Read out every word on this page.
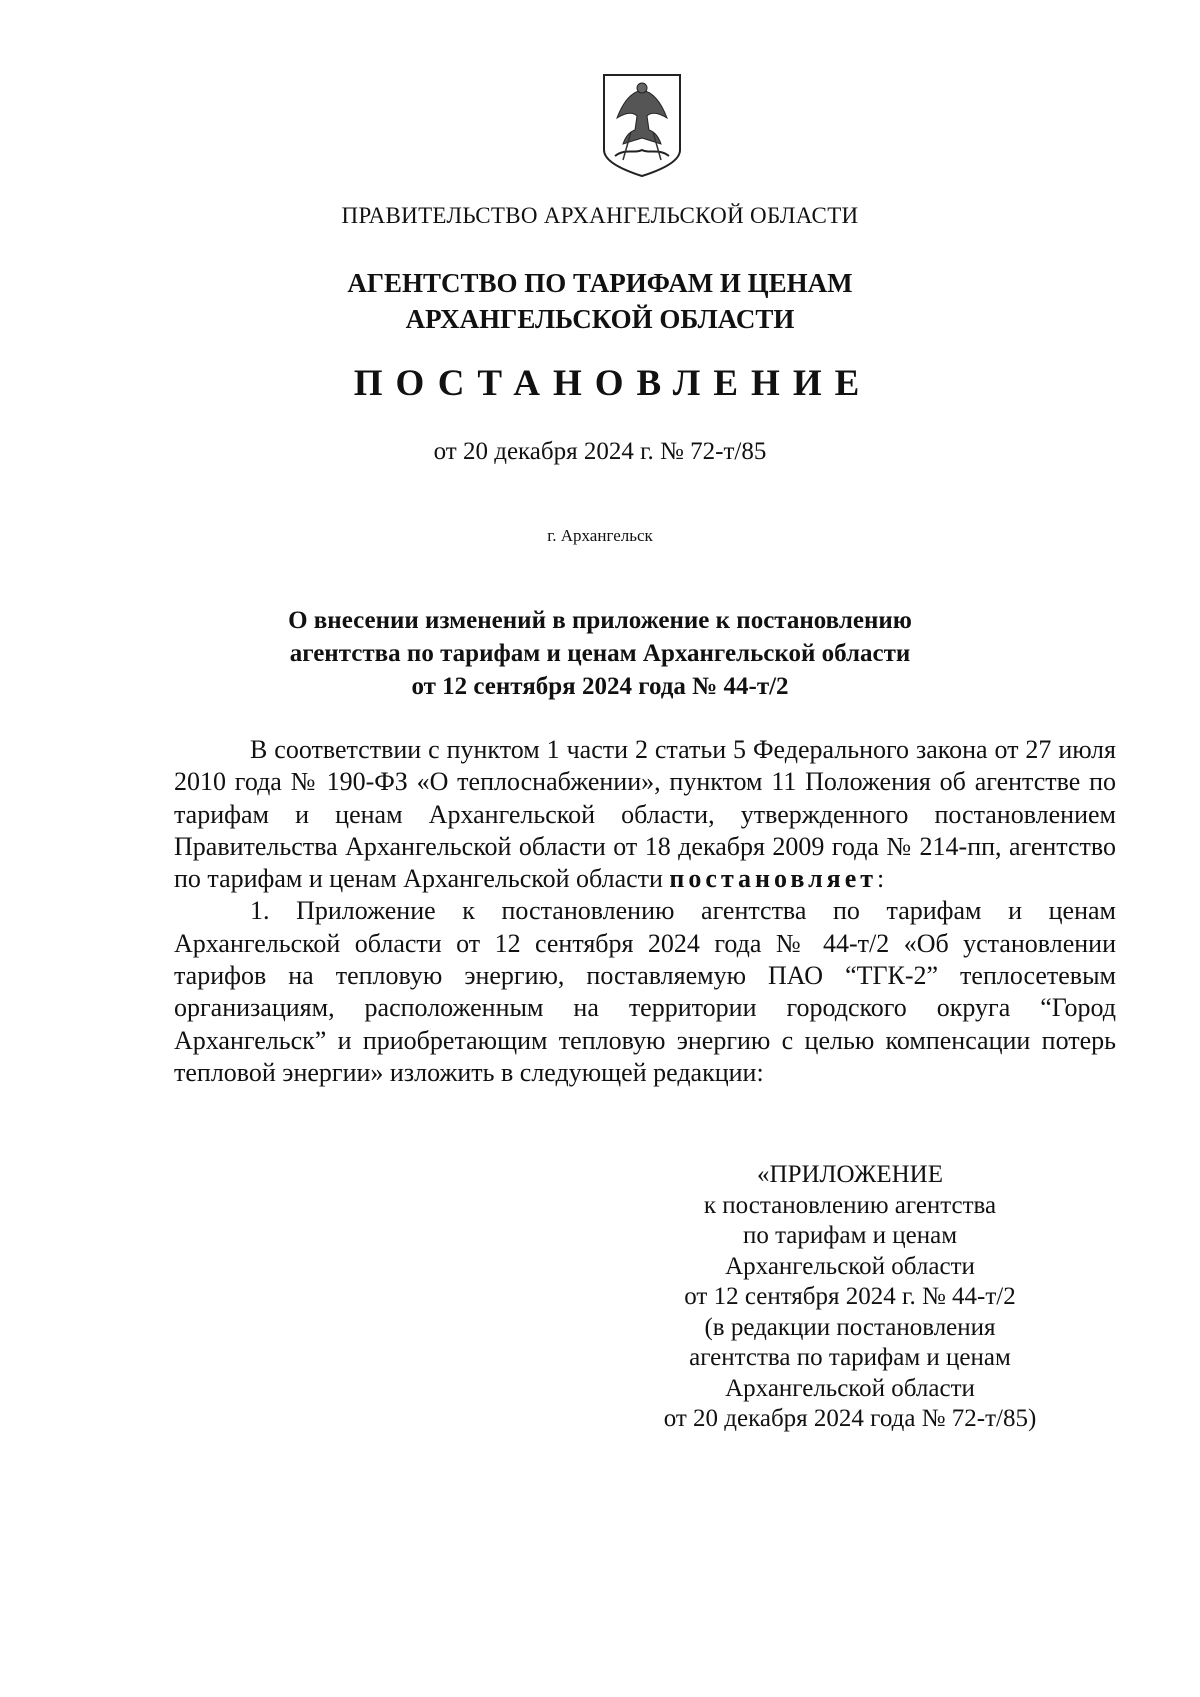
ПРАВИТЕЛЬСТВО АРХАНГЕЛЬСКОЙ ОБЛАСТИ
АГЕНТСТВО ПО ТАРИФАМ И ЦЕНАМ
АРХАНГЕЛЬСКОЙ ОБЛАСТИ
ПОСТАНОВЛЕНИЕ
от 20 декабря 2024 г. № 72-т/85
г. Архангельск
О внесении изменений в приложение к постановлению
агентства по тарифам и ценам Архангельской области
от 12 сентября 2024 года № 44-т/2

В соответствии с пунктом 1 части 2 статьи 5 Федерального закона от 27 июля 2010 года № 190-ФЗ «О теплоснабжении», пунктом 11 Положения об агентстве по тарифам и ценам Архангельской области, утвержденного постановлением Правительства Архангельской области от 18 декабря 2009 года № 214-пп, агентство по тарифам и ценам Архангельской области постановляет:

1. Приложение к постановлению агентства по тарифам и ценам Архангельской области от 12 сентября 2024 года № 44-т/2 «Об установлении тарифов на тепловую энергию, поставляемую ПАО “ТГК-2” теплосетевым организациям, расположенным на территории городского округа “Город Архангельск” и приобретающим тепловую энергию с целью компенсации потерь тепловой энергии» изложить в следующей редакции:

«ПРИЛОЖЕНИЕ
к постановлению агентства
по тарифам и ценам
Архангельской области
от 12 сентября 2024 г. № 44-т/2
(в редакции постановления
агентства по тарифам и ценам
Архангельской области
от 20 декабря 2024 года № 72-т/85)
